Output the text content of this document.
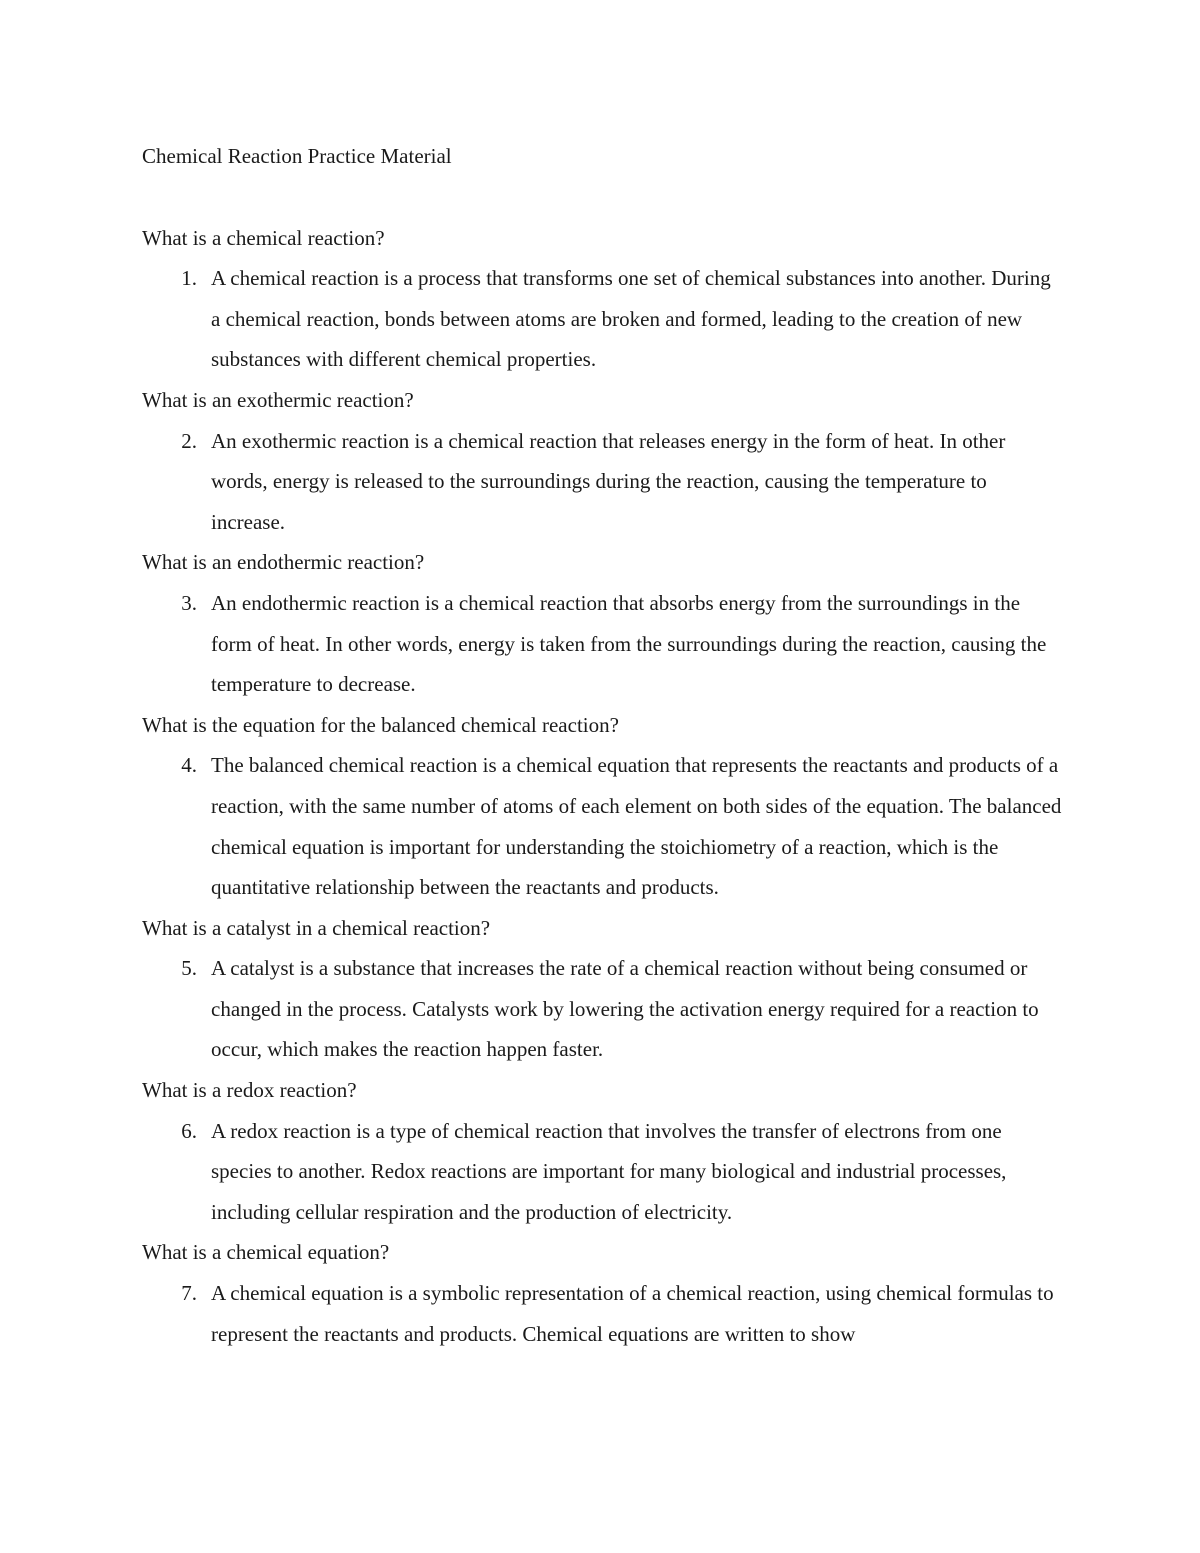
Chemical Reaction Practice Material

What is a chemical reaction?

1. A chemical reaction is a process that transforms one set of chemical substances into another. During a chemical reaction, bonds between atoms are broken and formed, leading to the creation of new substances with different chemical properties.

What is an exothermic reaction?

2. An exothermic reaction is a chemical reaction that releases energy in the form of heat. In other words, energy is released to the surroundings during the reaction, causing the temperature to increase.

What is an endothermic reaction?

3. An endothermic reaction is a chemical reaction that absorbs energy from the surroundings in the form of heat. In other words, energy is taken from the surroundings during the reaction, causing the temperature to decrease.

What is the equation for the balanced chemical reaction?

4. The balanced chemical reaction is a chemical equation that represents the reactants and products of a reaction, with the same number of atoms of each element on both sides of the equation. The balanced chemical equation is important for understanding the stoichiometry of a reaction, which is the quantitative relationship between the reactants and products.

What is a catalyst in a chemical reaction?

5. A catalyst is a substance that increases the rate of a chemical reaction without being consumed or changed in the process. Catalysts work by lowering the activation energy required for a reaction to occur, which makes the reaction happen faster.

What is a redox reaction?

6. A redox reaction is a type of chemical reaction that involves the transfer of electrons from one species to another. Redox reactions are important for many biological and industrial processes, including cellular respiration and the production of electricity.

What is a chemical equation?

7. A chemical equation is a symbolic representation of a chemical reaction, using chemical formulas to represent the reactants and products. Chemical equations are written to show
